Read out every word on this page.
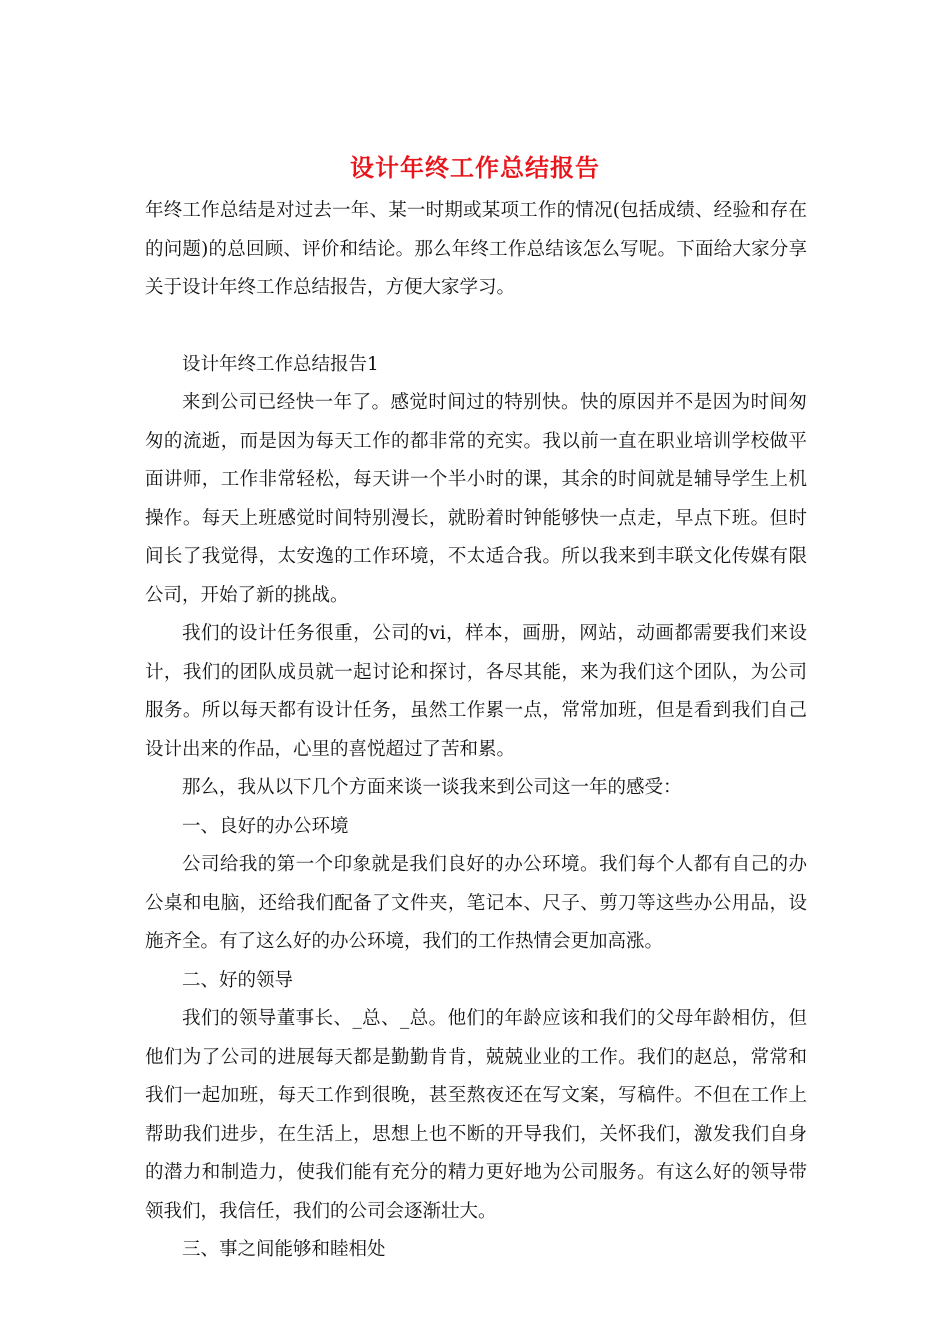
设计年终工作总结报告

年终工作总结是对过去一年、某一时期或某项工作的情况(包括成绩、经验和存在的问题)的总回顾、评价和结论。那么年终工作总结该怎么写呢。下面给大家分享关于设计年终工作总结报告，方便大家学习。

设计年终工作总结报告1

来到公司已经快一年了。感觉时间过的特别快。快的原因并不是因为时间匆匆的流逝，而是因为每天工作的都非常的充实。我以前一直在职业培训学校做平面讲师，工作非常轻松，每天讲一个半小时的课，其余的时间就是辅导学生上机操作。每天上班感觉时间特别漫长，就盼着时钟能够快一点走，早点下班。但时间长了我觉得，太安逸的工作环境，不太适合我。所以我来到丰联文化传媒有限公司，开始了新的挑战。

我们的设计任务很重，公司的vi，样本，画册，网站，动画都需要我们来设计，我们的团队成员就一起讨论和探讨，各尽其能，来为我们这个团队，为公司服务。所以每天都有设计任务，虽然工作累一点，常常加班，但是看到我们自己设计出来的作品，心里的喜悦超过了苦和累。

那么，我从以下几个方面来谈一谈我来到公司这一年的感受：

一、良好的办公环境

公司给我的第一个印象就是我们良好的办公环境。我们每个人都有自己的办公桌和电脑，还给我们配备了文件夹，笔记本、尺子、剪刀等这些办公用品，设施齐全。有了这么好的办公环境，我们的工作热情会更加高涨。

二、好的领导

我们的领导董事长、_总、_总。他们的年龄应该和我们的父母年龄相仿，但他们为了公司的进展每天都是勤勤肯肯，兢兢业业的工作。我们的赵总，常常和我们一起加班，每天工作到很晚，甚至熬夜还在写文案，写稿件。不但在工作上帮助我们进步，在生活上，思想上也不断的开导我们，关怀我们，激发我们自身的潜力和制造力，使我们能有充分的精力更好地为公司服务。有这么好的领导带领我们，我信任，我们的公司会逐渐壮大。

三、事之间能够和睦相处
